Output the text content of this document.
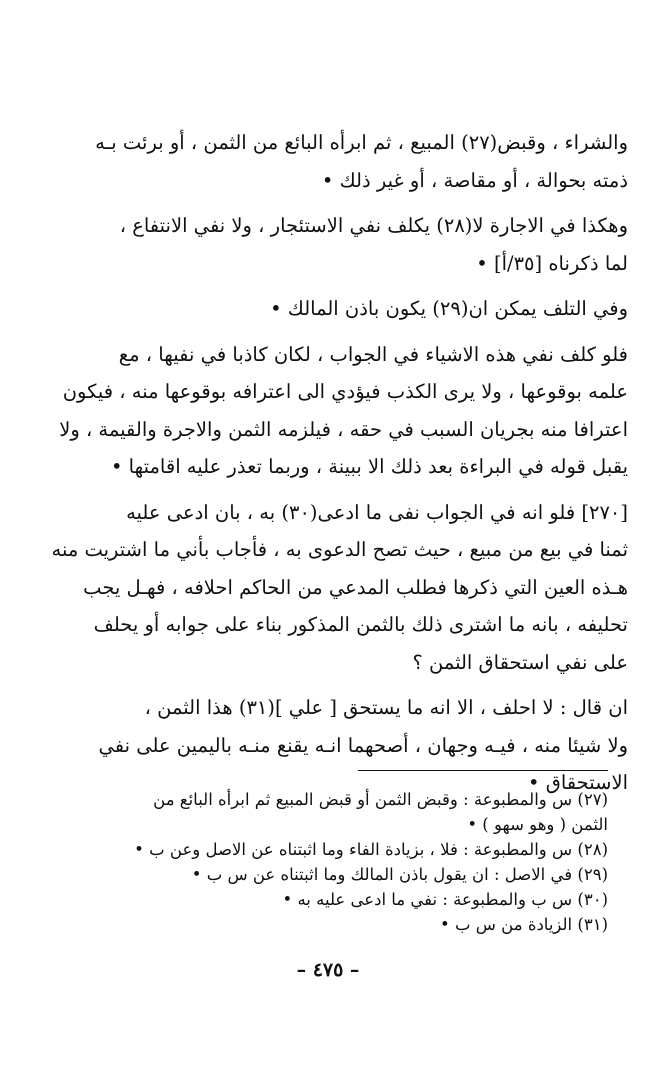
والشراء ، وقبض(٢٧) المبيع ، ثم ابرأه البائع من الثمن ، أو برئت بـه
ذمته بحوالة ، أو مقاصة ، أو غير ذلك •
وهكذا في الاجارة لا(٢٨) يكلف نفي الاستئجار ، ولا نفي الانتفاع ،
لما ذكرناه [٣٥/أ] •
وفي التلف يمكن ان(٢٩) يكون باذن المالك •
فلو كلف نفي هذه الاشياء في الجواب ، لكان كاذبا في نفيها ، مع
علمه بوقوعها ، ولا يرى الكذب فيؤدي الى اعترافه بوقوعها منه ، فيكون
اعترافا منه بجريان السبب في حقه ، فيلزمه الثمن والاجرة والقيمة ، ولا
يقبل قوله في البراءة بعد ذلك الا ببينة ، وربما تعذر عليه اقامتها •
[٢٧٠] فلو انه في الجواب نفى ما ادعى(٣٠) به ، بان ادعى عليه
ثمنا في بيع من مبيع ، حيث تصح الدعوى به ، فأجاب بأني ما اشتريت منه
هـذه العين التي ذكرها فطلب المدعي من الحاكم احلافه ، فهـل يجب
تحليفه ، بانه ما اشترى ذلك بالثمن المذكور بناء على جوابه أو يحلف
على نفي استحقاق الثمن ؟
ان قال : لا احلف ، الا انه ما يستحق [ علي ](٣١) هذا الثمن ،
ولا شيئا منه ، فيـه وجهان ، أصحهما انـه يقنع منـه باليمين على نفي
الاستحقاق •
(٢٧) س والمطبوعة : وقبض الثمن أو قبض المبيع ثم ابرأه البائع من
الثمن ( وهو سهو ) •
(٢٨) س والمطبوعة : فلا ، بزيادة الفاء وما اثبتناه عن الاصل وعن ب •
(٢٩) في الاصل : ان يقول باذن المالك وما اثبتناه عن س ب •
(٣٠) س ب والمطبوعة : نفي ما ادعى عليه به •
(٣١) الزيادة من س ب •
– ٤٧٥ –
